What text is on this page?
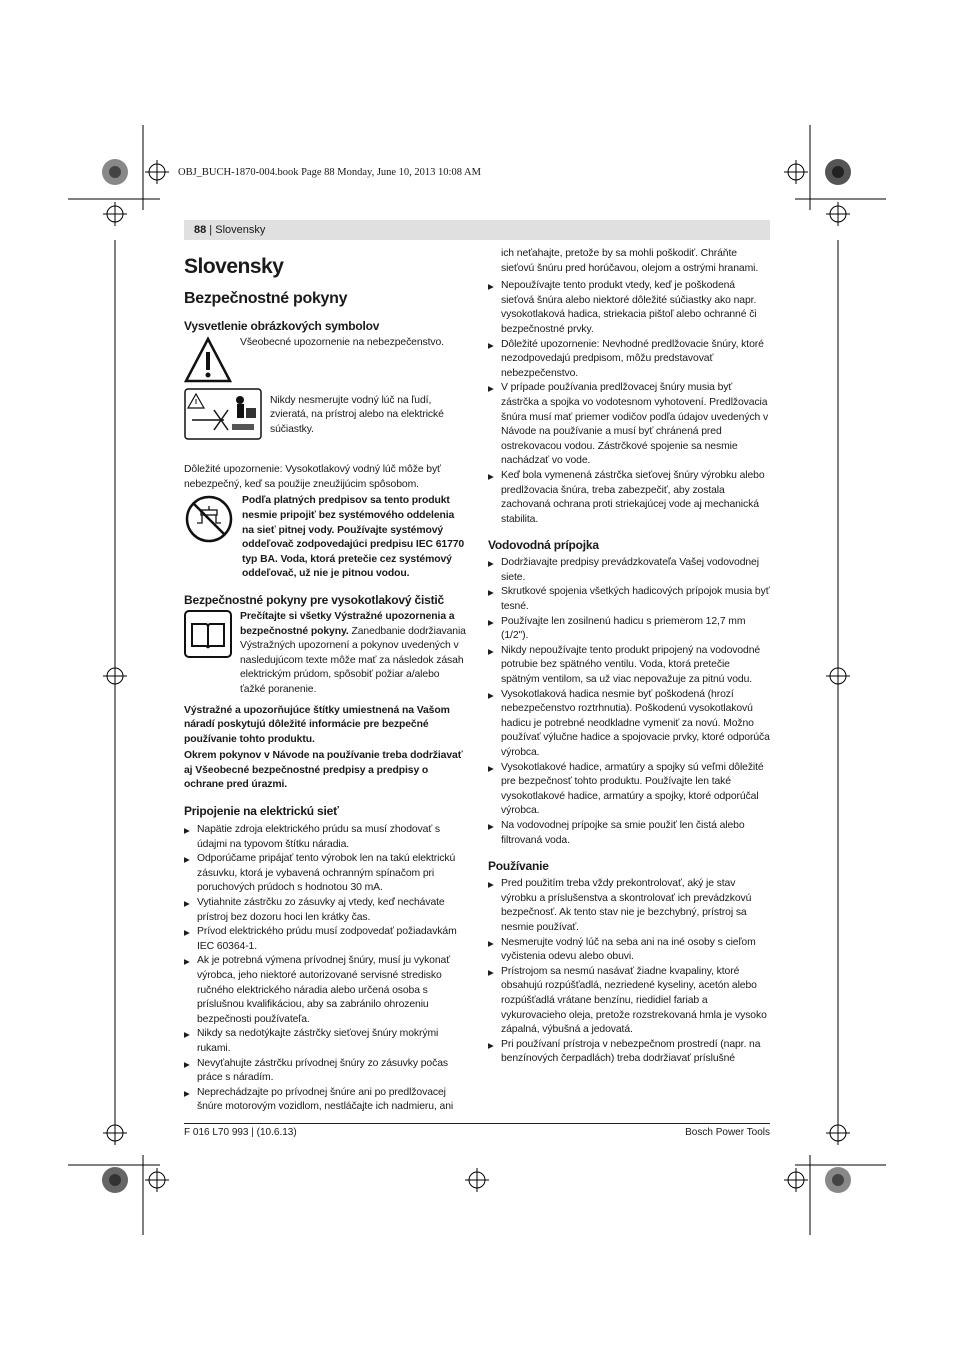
OBJ_BUCH-1870-004.book Page 88 Monday, June 10, 2013 10:08 AM
88 | Slovensky
Slovensky
Bezpečnostné pokyny
Vysvetlenie obrázkových symbolov

Všeobecné upozornenie na nebezpečenstvo.

Nikdy nesmerujte vodný lúč na ľudí, zvieratá, na prístroj alebo na elektrické súčiastky.

Dôležité upozornenie: Vysokotlakový vodný lúč môže byť nebezpečný, keď sa použije zneužijúcim spôsobom.

Podľa platných predpisov sa tento produkt nesmie pripojiť bez systémového oddelenia na sieť pitnej vody. Používajte systémový oddeľovač zodpovedajúci predpisu IEC 61770 typ BA. Voda, ktorá pretečie cez systémový oddeľovač, už nie je pitnou vodou.

Bezpečnostné pokyny pre vysokotlakový čistič

Prečítajte si všetky Výstražné upozornenia a bezpečnostné pokyny. Zanedbanie dodržiavania Výstražných upozornení a pokynov uvedených v nasledujúcom texte môže mať za následok zásah elektrickým prúdom, spôsobiť požiar a/alebo ťažké poranenie.

Výstražné a upozorňujúce štítky umiestnená na Vašom náradí poskytujú dôležité informácie pre bezpečné používanie tohto produktu.

Okrem pokynov v Návode na používanie treba dodržiavať aj Všeobecné bezpečnostné predpisy a predpisy o ochrane pred úrazmi.

Pripojenie na elektrickú sieť

▶ Napätie zdroja elektrického prúdu sa musí zhodovať s údajmi na typovom štítku náradia.

▶ Odporúčame pripájať tento výrobok len na takú elektrickú zásuvku, ktorá je vybavená ochranným spínačom pri poruchových prúdoch s hodnotou 30 mA.

▶ Vytiahnite zástrčku zo zásuvky aj vtedy, keď nechávate prístroj bez dozoru hoci len krátky čas.

▶ Prívod elektrického prúdu musí zodpovedať požiadavkám IEC 60364-1.

▶ Ak je potrebná výmena prívodnej šnúry, musí ju vykonať výrobca, jeho niektoré autorizované servisné stredisko ručného elektrického náradia alebo určená osoba s príslušnou kvalifikáciou, aby sa zabránilo ohrozeniu bezpečnosti používateľa.

▶ Nikdy sa nedotýkajte zástrčky sieťovej šnúry mokrými rukami.

▶ Nevyťahujte zástrčku prívodnej šnúry zo zásuvky počas práce s náradím.

▶ Neprechádzajte po prívodnej šnúre ani po predlžovacej šnúre motorovým vozidlom, nestláčajte ich nadmieru, ani

ich neťahajte, pretože by sa mohli poškodiť. Chráňte sieťovú šnúru pred horúčavou, olejom a ostrými hranami.

▶ Nepoužívajte tento produkt vtedy, keď je poškodená sieťová šnúra alebo niektoré dôležité súčiastky ako napr. vysokotlaková hadica, striekacia pištoľ alebo ochranné či bezpečnostné prvky.

▶ Dôležité upozornenie: Nevhodné predlžovacie šnúry, ktoré nezodpovedajú predpisom, môžu predstavovať nebezpečenstvo.

▶ V prípade používania predlžovacej šnúry musia byť zástrčka a spojka vo vodotesnom vyhotovení. Predlžovacia šnúra musí mať priemer vodičov podľa údajov uvedených v Návode na používanie a musí byť chránená pred ostrekovacou vodou. Zástrčkové spojenie sa nesmie nachádzať vo vode.

▶ Keď bola vymenená zástrčka sieťovej šnúry výrobku alebo predlžovacia šnúra, treba zabezpečiť, aby zostala zachovaná ochrana proti striekajúcej vode aj mechanická stabilita.

Vodovodná prípojka

▶ Dodržiavajte predpisy prevádzkovateľa Vašej vodovodnej siete.

▶ Skrutkové spojenia všetkých hadicových prípojok musia byť tesné.

▶ Používajte len zosilnenú hadicu s priemerom 12,7 mm (1/2").

▶ Nikdy nepoužívajte tento produkt pripojený na vodovodné potrubie bez spätného ventilu. Voda, ktorá pretečie spätným ventilom, sa už viac nepovažuje za pitnú vodu.

▶ Vysokotlaková hadica nesmie byť poškodená (hrozí nebezpečenstvo roztrhnutia). Poškodenú vysokotlakovú hadicu je potrebné neodkladne vymeniť za novú. Možno používať výlučne hadice a spojovacie prvky, ktoré odporúča výrobca.

▶ Vysokotlakové hadice, armatúry a spojky sú veľmi dôležité pre bezpečnosť tohto produktu. Používajte len také vysokotlakové hadice, armatúry a spojky, ktoré odporúčal výrobca.

▶ Na vodovodnej prípojke sa smie použiť len čistá alebo filtrovaná voda.

Používanie

▶ Pred použitím treba vždy prekontrolovať, aký je stav výrobku a príslušenstva a skontrolovať ich prevádzkovú bezpečnosť. Ak tento stav nie je bezchybný, prístroj sa nesmie používať.

▶ Nesmerujte vodný lúč na seba ani na iné osoby s cieľom vyčistenia odevu alebo obuvi.

▶ Prístrojom sa nesmú nasávať žiadne kvapaliny, ktoré obsahujú rozpúšťadlá, nezriedené kyseliny, acetón alebo rozpúšťadlá vrátane benzínu, riedidiel fariab a vykurovacieho oleja, pretože rozstrekovaná hmla je vysoko zápalná, výbušná a jedovatá.

▶ Pri používaní prístroja v nebezpečnom prostredí (napr. na benzínových čerpadlách) treba dodržiavať príslušné

F 016 L70 993 | (10.6.13)	Bosch Power Tools
